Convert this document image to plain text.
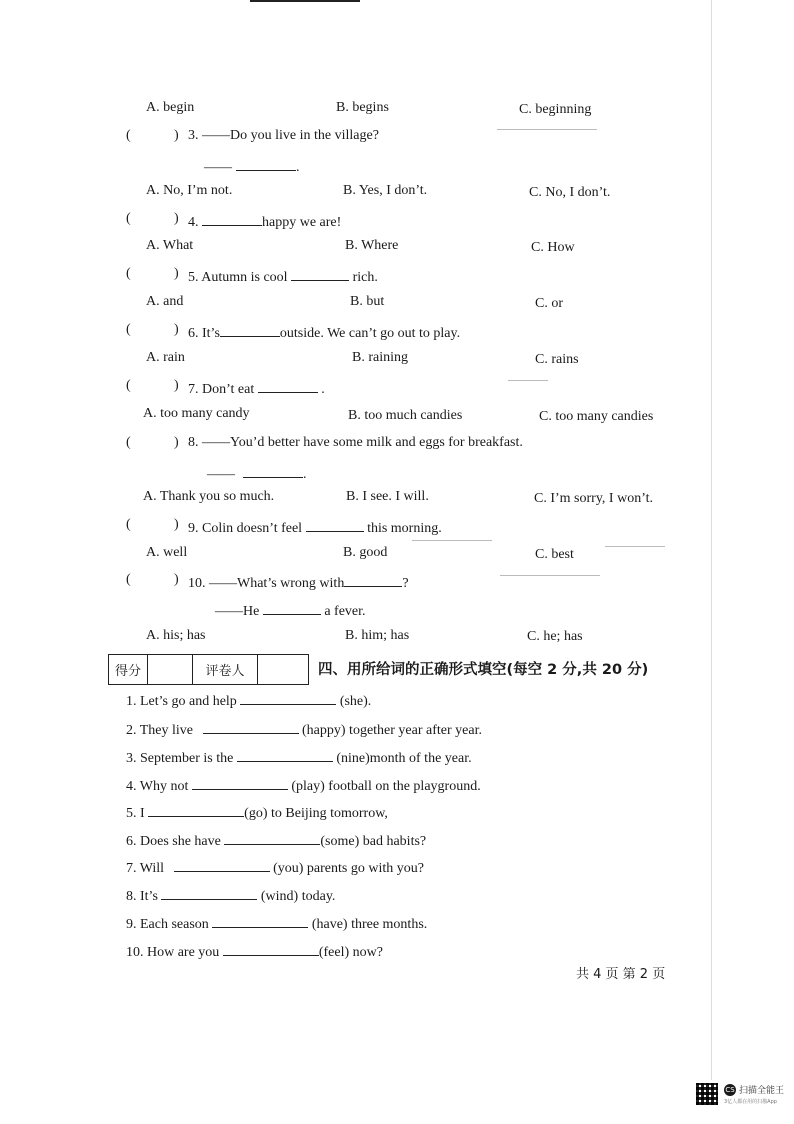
A. begin	B. begins	C. beginning
(	) 3. ——Do you live in the village?
——	.
A. No, I’m not.	B. Yes, I don’t.	C. No, I don’t.
(	) 4.	happy we are!
A. What	B. Where	C. How
(	) 5. Autumn is cool	rich.
A. and	B. but	C. or
(	) 6. It’s	outside. We can’t go out to play.
A. rain	B. raining	C. rains
(	) 7. Don’t eat	.
A. too many candy	B. too much candies	C. too many candies
(	) 8. ——You’d better have some milk and eggs for breakfast.
——	.
A. Thank you so much.	B. I see. I will.	C. I’m sorry, I won’t.
(	) 9. Colin doesn’t feel	this morning.
A. well	B. good	C. best
(	) 10. ——What’s wrong with	?
——He	a fever.
A. his; has	B. him; has	C. he; has
得分	评卷人	四、用所给词的正确形式填空(每空 2 分,共 20 分)
1. Let’s go and help	(she).
2. They live	(happy) together year after year.
3. September is the	(nine)month of the year.
4. Why not	(play) football on the playground.
5. I	(go) to Beijing tomorrow,
6. Does she have	(some) bad habits?
7. Will	(you) parents go with you?
8. It’s	(wind) today.
9. Each season	(have) three months.
10. How are you	(feel) now?
共 4 页 第 2 页
CS 扫描全能王
3亿人都在用的扫描App
